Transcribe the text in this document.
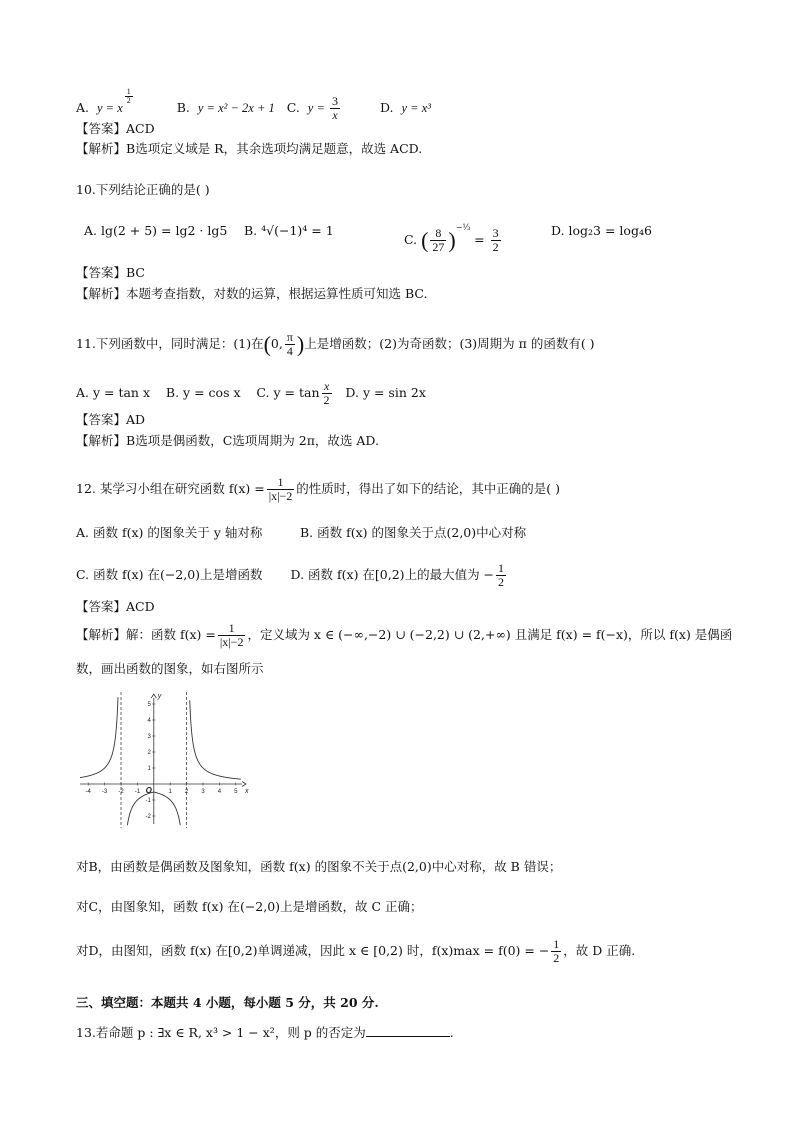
A. y = x
$^{\frac{1}{2}}$
B. y = x² − 2x + 1 C. $y = \frac{3}{x}$	D. y = x³
【答案】ACD
【解析】B选项定义域是 R，其余选项均满足题意，故选 ACD.
10.下列结论正确的是( )
A. lg(2 + 5) = lg2 · lg5 B. ⁴√(−1)⁴ = 1
C. ( $\frac{8}{27} )^{-\frac{1}{3}} = \frac{3}{2}$	D. log₂3 = log₄6
【答案】BC
【解析】本题考查指数，对数的运算，根据运算性质可知选 BC.
11.下列函数中，同时满足：(1)在(0, $\frac{\pi}{4}$ )上是增函数；(2)为奇函数；(3)周期为 π 的函数有( )
A. y = tan x B. y = cos x C. $y = \tan \frac{x}{2} D$. y = sin 2x
【答案】AD
【解析】B选项是偶函数，C选项周期为 2π，故选 AD.
12. 某学习小组在研究函数 $f(x) = \frac{1}{|x|-2}$ 的性质时，得出了如下的结论，其中正确的是( )
A. 函数 f(x) 的图象关于 y 轴对称	B. 函数 f(x) 的图象关于点(2,0)中心对称
C. 函数 f(x) 在(−2,0)上是增函数 D. 函数 f(x) 在[0,2)上的最大值为 − $\frac{1}{2}$
【答案】ACD
【解析】解：函数 $f(x) = \frac{1}{|x|-2}$ ，定义域为 x ∈ (−∞,−2) ∪ (−2,2) ∪ (2,+∞) 且满足 f(x) = f(−x)，所以 f(x) 是偶函
数，画出函数的图象，如右图所示
-4 -3 -2 -1 O	1 2 3 4 5
5
4
3
2
1
-1
-2
x
y
对B，由函数是偶函数及图象知，函数 f(x) 的图象不关于点(2,0)中心对称，故 B 错误；
对C，由图象知，函数 f(x) 在(−2,0)上是增函数，故 C 正确；
对D，由图知，函数 f(x) 在[0,2)单调递减，因此 x ∈ [0,2) 时，f(x)max = f(0) = − $\frac{1}{2}$ ，故 D 正确.
三、填空题：本题共 4 小题，每小题 5 分，共 20 分.
13.若命题 p : ∃x ∈ R, x³ > 1 − x²，则 p 的否定为	.
